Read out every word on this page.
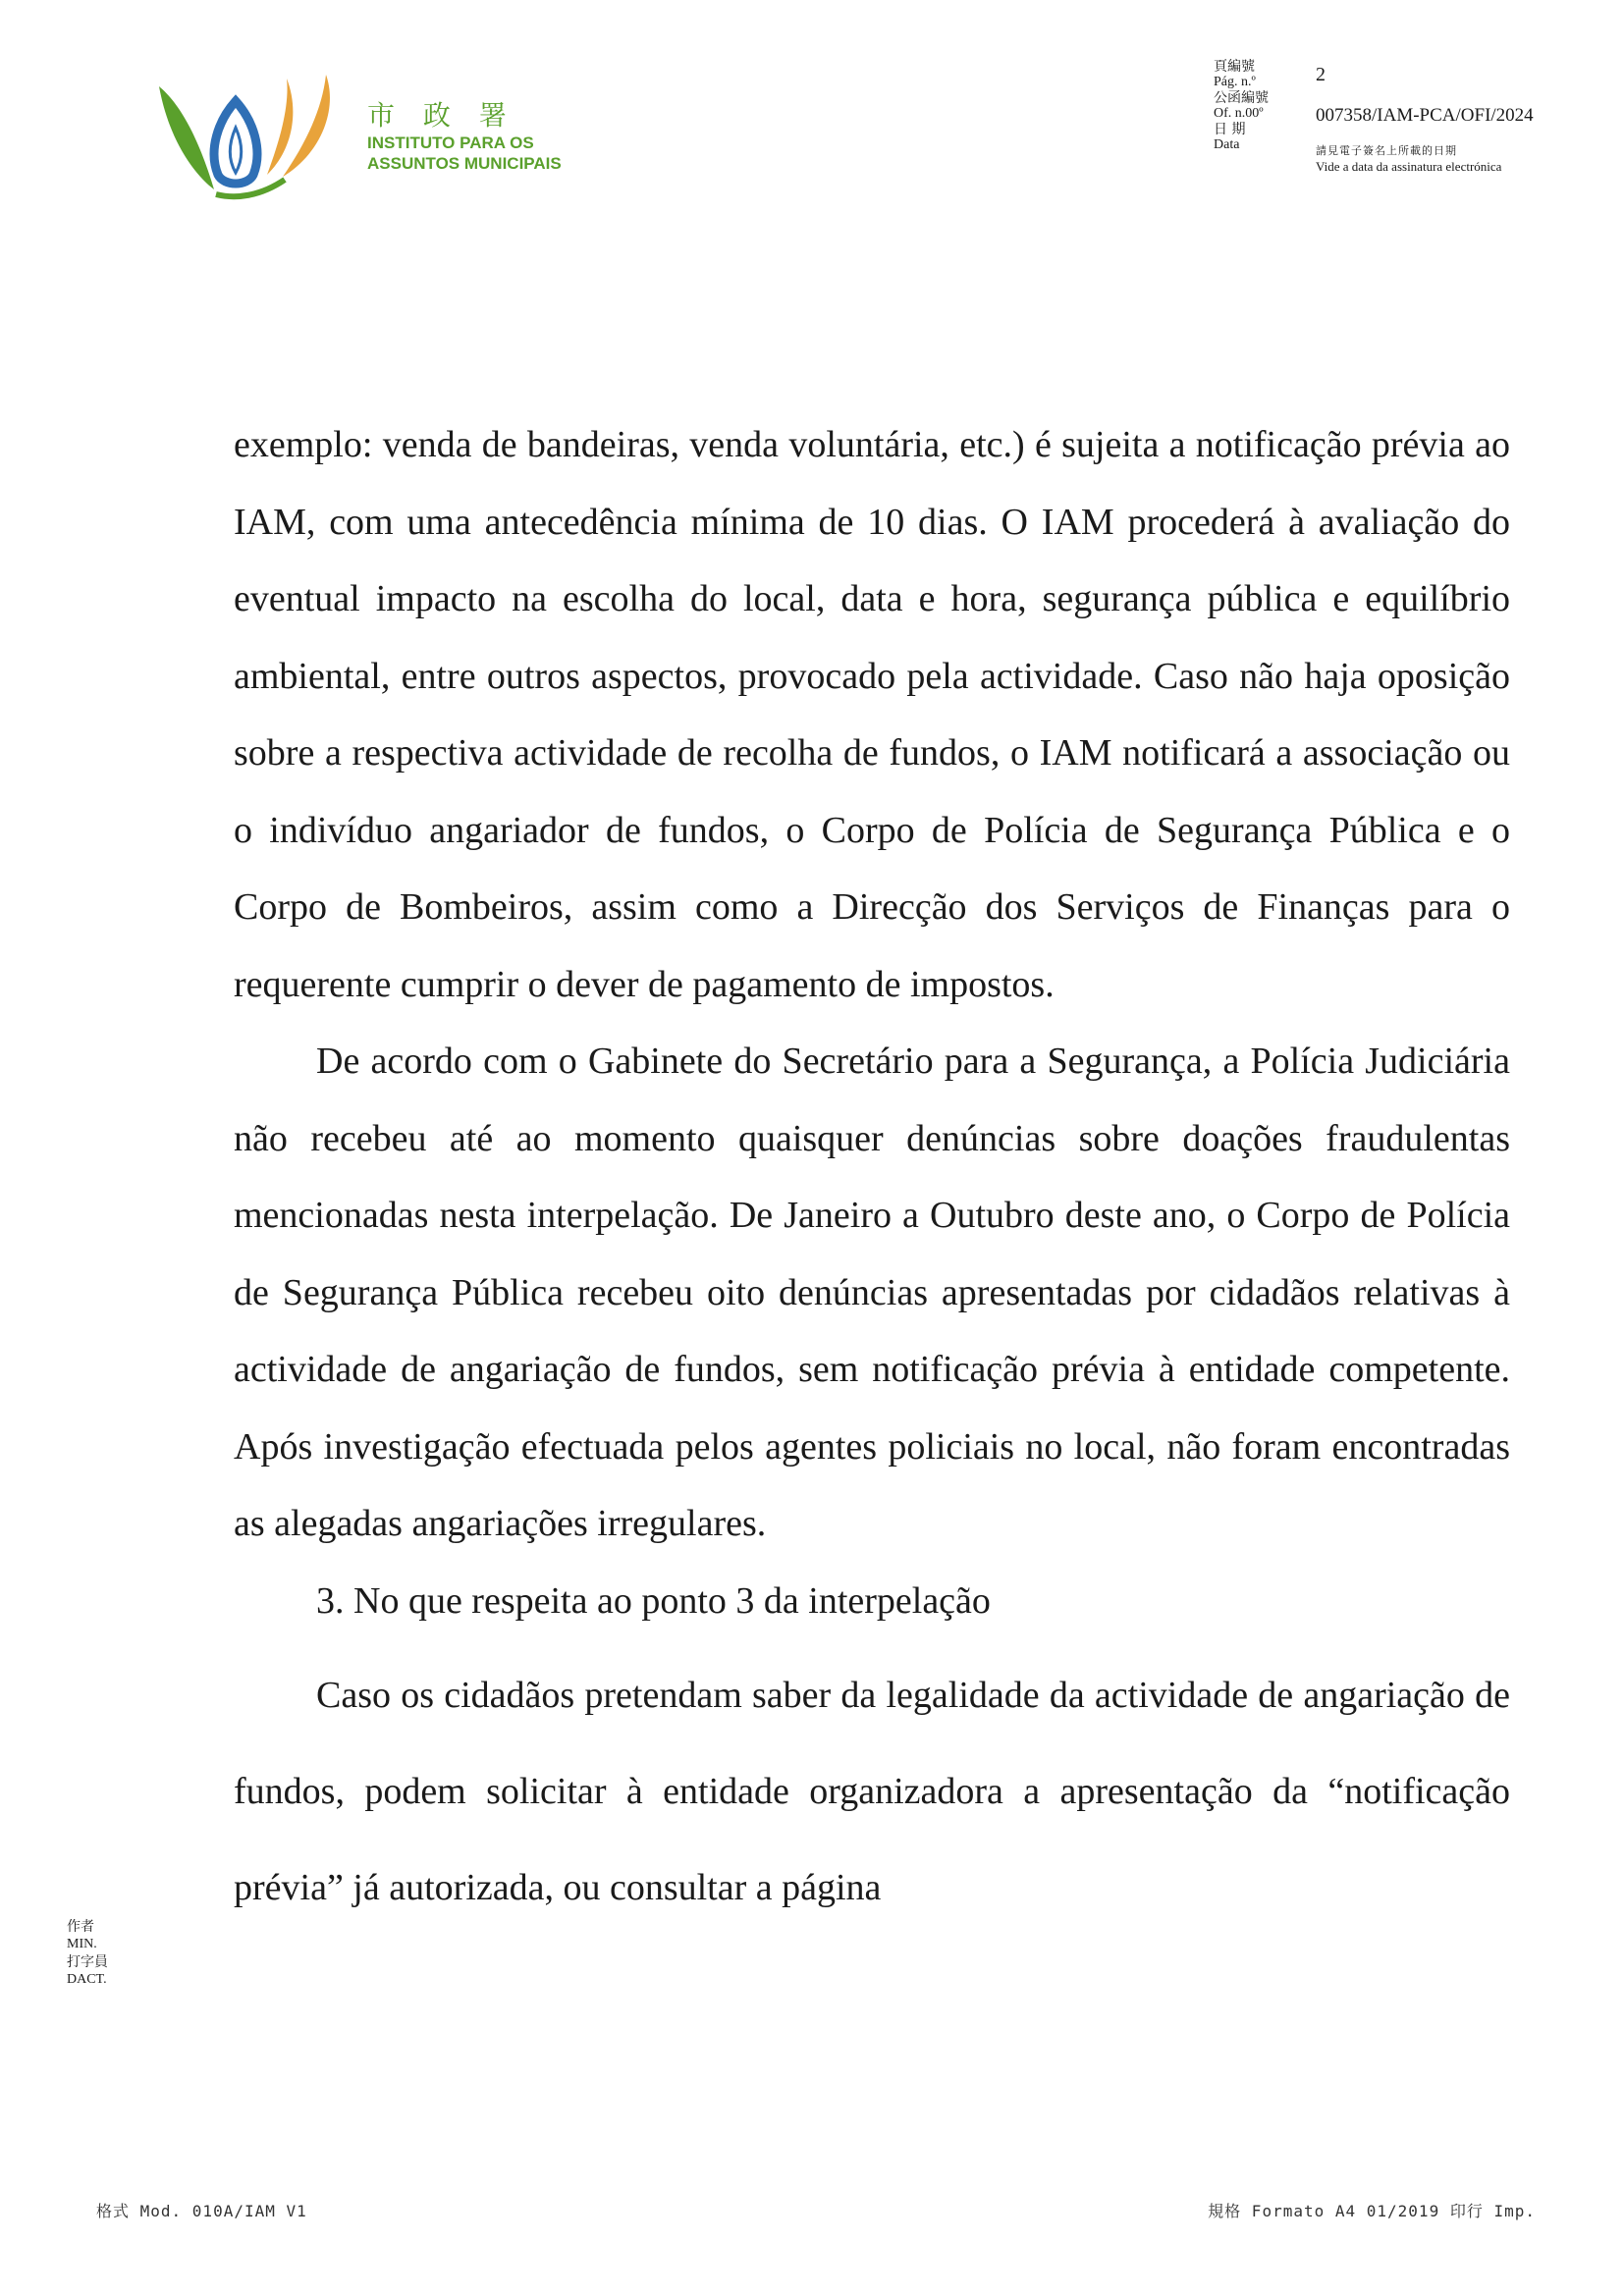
市 政 署
INSTITUTO PARA OS
ASSUNTOS MUNICIPAIS
頁編號
Pág. n.º
公函編號
Of. n.00º
日 期
Data
2
007358/IAM-PCA/OFI/2024
請見電子簽名上所載的日期
Vide a data da assinatura electrónica

exemplo: venda de bandeiras, venda voluntária, etc.) é sujeita a notificação prévia ao IAM, com uma antecedência mínima de 10 dias. O IAM procederá à avaliação do eventual impacto na escolha do local, data e hora, segurança pública e equilíbrio ambiental, entre outros aspectos, provocado pela actividade. Caso não haja oposição sobre a respectiva actividade de recolha de fundos, o IAM notificará a associação ou o indivíduo angariador de fundos, o Corpo de Polícia de Segurança Pública e o Corpo de Bombeiros, assim como a Direcção dos Serviços de Finanças para o requerente cumprir o dever de pagamento de impostos.

De acordo com o Gabinete do Secretário para a Segurança, a Polícia Judiciária não recebeu até ao momento quaisquer denúncias sobre doações fraudulentas mencionadas nesta interpelação. De Janeiro a Outubro deste ano, o Corpo de Polícia de Segurança Pública recebeu oito denúncias apresentadas por cidadãos relativas à actividade de angariação de fundos, sem notificação prévia à entidade competente. Após investigação efectuada pelos agentes policiais no local, não foram encontradas as alegadas angariações irregulares.

3. No que respeita ao ponto 3 da interpelação

Caso os cidadãos pretendam saber da legalidade da actividade de angariação de fundos, podem solicitar à entidade organizadora a apresentação da “notificação prévia” já autorizada, ou consultar a página

作者
MIN.
打字員
DACT.
格式 Mod. 010A/IAM V1	規格 Formato A4 01/2019 印行 Imp.
